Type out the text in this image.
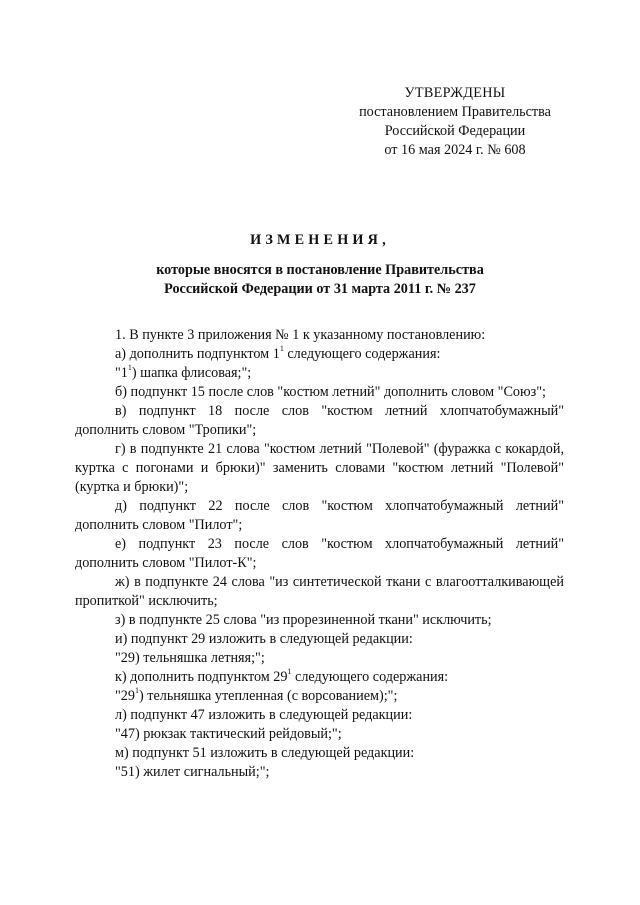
УТВЕРЖДЕНЫ
постановлением Правительства
Российской Федерации
от 16 мая 2024 г. № 608
ИЗМЕНЕНИЯ,
которые вносятся в постановление Правительства
Российской Федерации от 31 марта 2011 г. № 237

1. В пункте 3 приложения № 1 к указанному постановлению:

а) дополнить подпунктом $1^1$ следующего содержания:

"$1^1$) шапка флисовая;";

б) подпункт 15 после слов "костюм летний" дополнить словом "Союз";

в) подпункт 18 после слов "костюм летний хлопчатобумажный" дополнить словом "Тропики";

г) в подпункте 21 слова "костюм летний "Полевой" (фуражка с кокардой, куртка с погонами и брюки)" заменить словами "костюм летний "Полевой" (куртка и брюки)";

д) подпункт 22 после слов "костюм хлопчатобумажный летний" дополнить словом "Пилот";

е) подпункт 23 после слов "костюм хлопчатобумажный летний" дополнить словом "Пилот-К";

ж) в подпункте 24 слова "из синтетической ткани с влагоотталкивающей пропиткой" исключить;

з) в подпункте 25 слова "из прорезиненной ткани" исключить;

и) подпункт 29 изложить в следующей редакции:

"29) тельняшка летняя;";

к) дополнить подпунктом $29^1$ следующего содержания:

"$29^1$) тельняшка утепленная (с ворсованием);";

л) подпункт 47 изложить в следующей редакции:

"47) рюкзак тактический рейдовый;";

м) подпункт 51 изложить в следующей редакции:

"51) жилет сигнальный;";
